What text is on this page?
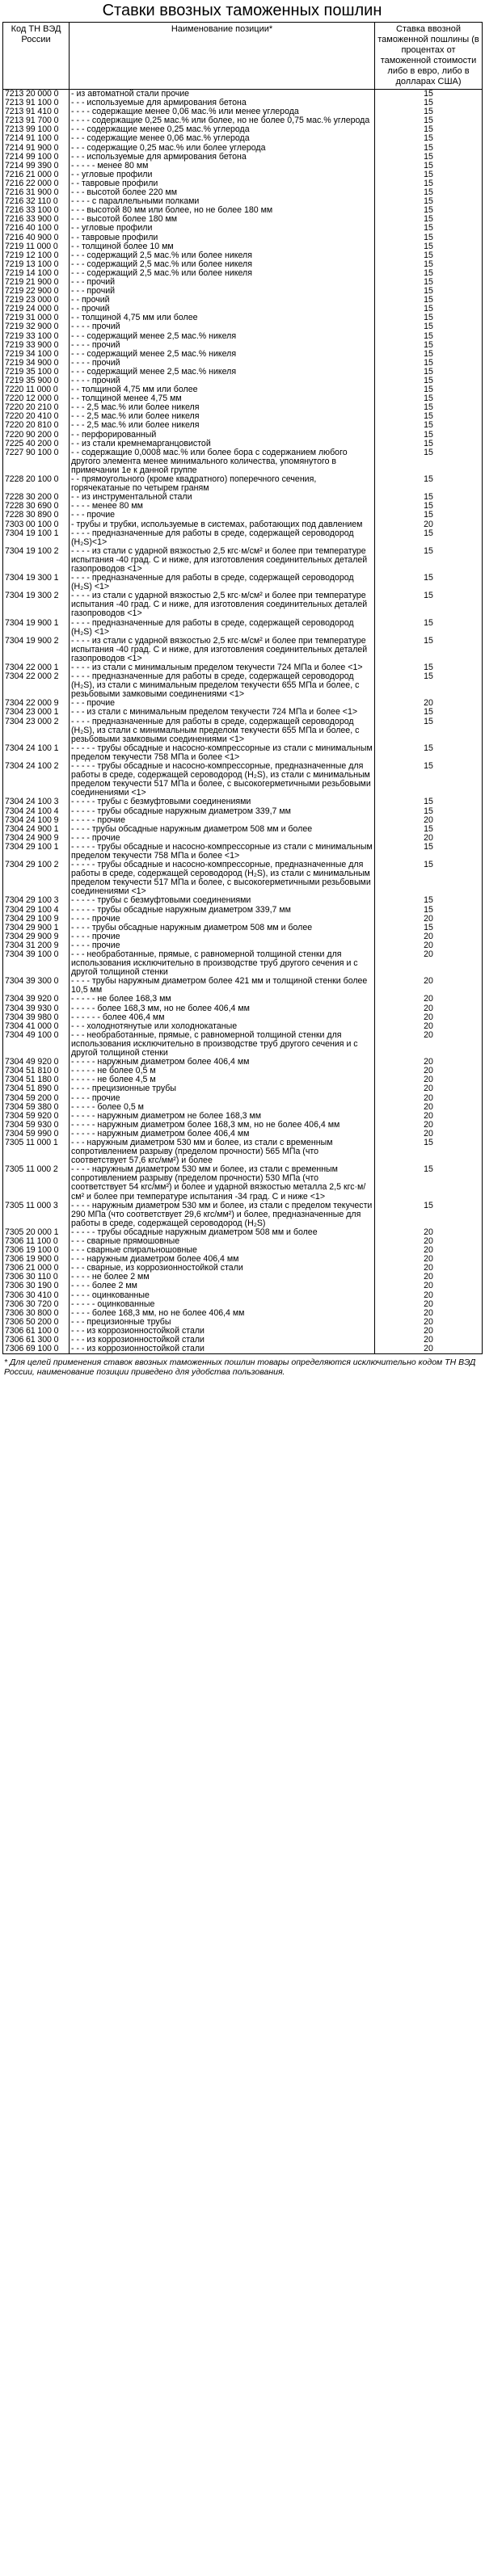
Ставки ввозных таможенных пошлин
Код ТН ВЭД России	Наименование позиции*	Ставка ввозной таможенной пошлины (в процентах от таможенной стоимости либо в евро, либо в долларах США)
7213 20 000 0	- из автоматной стали прочие	15
7213 91 100 0	- - - используемые для армирования бетона	15
7213 91 410 0	- - - - содержащие менее 0,06 мас.% или менее углерода	15
7213 91 700 0	- - - - содержащие 0,25 мас.% или более, но не более 0,75 мас.% углерода	15
7213 99 100 0	- - - содержащие менее 0,25 мас.% углерода	15
7214 91 100 0	- - - содержащие менее 0,06 мас.% углерода	15
7214 91 900 0	- - - содержащие 0,25 мас.% или более углерода	15
7214 99 100 0	- - - используемые для армирования бетона	15
7214 99 390 0	- - - - - менее 80 мм	15
7216 21 000 0	- - угловые профили	15
7216 22 000 0	- - тавровые профили	15
7216 31 900 0	- - - высотой более 220 мм	15
7216 32 110 0	- - - - с параллельными полками	15
7216 33 100 0	- - - высотой 80 мм или более, но не более 180 мм	15
7216 33 900 0	- - - высотой более 180 мм	15
7216 40 100 0	- - угловые профили	15
7216 40 900 0	- - тавровые профили	15
7219 11 000 0	- - толщиной более 10 мм	15
7219 12 100 0	- - - содержащий 2,5 мас.% или более никеля	15
7219 13 100 0	- - - содержащий 2,5 мас.% или более никеля	15
7219 14 100 0	- - - содержащий 2,5 мас.% или более никеля	15
7219 21 900 0	- - - прочий	15
7219 22 900 0	- - - прочий	15
7219 23 000 0	- - прочий	15
7219 24 000 0	- - прочий	15
7219 31 000 0	- - толщиной 4,75 мм или более	15
7219 32 900 0	- - - - прочий	15
7219 33 100 0	- - - содержащий менее 2,5 мас.% никеля	15
7219 33 900 0	- - - - прочий	15
7219 34 100 0	- - - содержащий менее 2,5 мас.% никеля	15
7219 34 900 0	- - - - прочий	15
7219 35 100 0	- - - содержащий менее 2,5 мас.% никеля	15
7219 35 900 0	- - - - прочий	15
7220 11 000 0	- - толщиной 4,75 мм или более	15
7220 12 000 0	- - толщиной менее 4,75 мм	15
7220 20 210 0	- - - 2,5 мас.% или более никеля	15
7220 20 410 0	- - - 2,5 мас.% или более никеля	15
7220 20 810 0	- - - 2,5 мас.% или более никеля	15
7220 90 200 0	- - перфорированный	15
7225 40 200 0	- - из стали кремнемарганцовистой	15
7227 90 100 0	- - содержащие 0,0008 мас.% или более бора с содержанием любого другого элемента менее минимального количества, упомянутого в примечании 1е к данной группе	15
7228 20 100 0	- - прямоугольного (кроме квадратного) поперечного сечения, горячекатаные по четырем граням	15
7228 30 200 0	- - из инструментальной стали	15
7228 30 690 0	- - - - менее 80 мм	15
7228 30 890 0	- - - прочие	15
7303 00 100 0	- трубы и трубки, используемые в системах, работающих под давлением	20
7304 19 100 1	- - - - предназначенные для работы в среде, содержащей сероводород (H₂S)<1>	15
7304 19 100 2	- - - - из стали с ударной вязкостью 2,5 кгс·м/см² и более при температуре испытания -40 град. С и ниже, для изготовления соединительных деталей газопроводов <1>	15
7304 19 300 1	- - - - предназначенные для работы в среде, содержащей сероводород (H₂S) <1>	15
7304 19 300 2	- - - - из стали с ударной вязкостью 2,5 кгс·м/см² и более при температуре испытания -40 град. С и ниже, для изготовления соединительных деталей газопроводов <1>	15
7304 19 900 1	- - - - предназначенные для работы в среде, содержащей сероводород (H₂S) <1>	15
7304 19 900 2	- - - - из стали с ударной вязкостью 2,5 кгс·м/см² и более при температуре испытания -40 град. С и ниже, для изготовления соединительных деталей газопроводов <1>	15
7304 22 000 1	- - - - из стали с минимальным пределом текучести 724 МПа и более <1>	15
7304 22 000 2	- - - - предназначенные для работы в среде, содержащей сероводород (H₂S), из стали с минимальным пределом текучести 655 МПа и более, с резьбовыми замковыми соединениями <1>	15
7304 22 000 9	- - - прочие	20
7304 23 000 1	- - - из стали с минимальным пределом текучести 724 МПа и более <1>	15
7304 23 000 2	- - - - предназначенные для работы в среде, содержащей сероводород (H₂S), из стали с минимальным пределом текучести 655 МПа и более, с резьбовыми замковыми соединениями <1>	15
7304 24 100 1	- - - - - трубы обсадные и насосно-компрессорные из стали с минимальным пределом текучести 758 МПа и более <1>	15
7304 24 100 2	- - - - - трубы обсадные и насосно-компрессорные, предназначенные для работы в среде, содержащей сероводород (H₂S), из стали с минимальным пределом текучести 517 МПа и более, с высокогерметичными резьбовыми соединениями <1>	15
7304 24 100 3	- - - - - трубы с безмуфтовыми соединениями	15
7304 24 100 4	- - - - - трубы обсадные наружным диаметром 339,7 мм	15
7304 24 100 9	- - - - - прочие	20
7304 24 900 1	- - - - трубы обсадные наружным диаметром 508 мм и более	15
7304 24 900 9	- - - - прочие	20
7304 29 100 1	- - - - - трубы обсадные и насосно-компрессорные из стали с минимальным пределом текучести 758 МПа и более <1>	15
7304 29 100 2	- - - - - трубы обсадные и насосно-компрессорные, предназначенные для работы в среде, содержащей сероводород (H₂S), из стали с минимальным пределом текучести 517 МПа и более, с высокогерметичными резьбовыми соединениями <1>	15
7304 29 100 3	- - - - - трубы с безмуфтовыми соединениями	15
7304 29 100 4	- - - - - трубы обсадные наружным диаметром 339,7 мм	15
7304 29 100 9	- - - - прочие	20
7304 29 900 1	- - - - трубы обсадные наружным диаметром 508 мм и более	15
7304 29 900 9	- - - - прочие	20
7304 31 200 9	- - - - прочие	20
7304 39 100 0	- - - необработанные, прямые, с равномерной толщиной стенки для использования исключительно в производстве труб другого сечения и с другой толщиной стенки	20
7304 39 300 0	- - - - трубы наружным диаметром более 421 мм и толщиной стенки более 10,5 мм	20
7304 39 920 0	- - - - - не более 168,3 мм	20
7304 39 930 0	- - - - - более 168,3 мм, но не более 406,4 мм	20
7304 39 980 0	- - - - - - более 406,4 мм	20
7304 41 000 0	- - - холоднотянутые или холоднокатаные	20
7304 49 100 0	- - - необработанные, прямые, с равномерной толщиной стенки для использования исключительно в производстве труб другого сечения и с другой толщиной стенки	20
7304 49 920 0	- - - - - наружным диаметром более 406,4 мм	20
7304 51 810 0	- - - - - не более 0,5 м	20
7304 51 180 0	- - - - - не более 4,5 м	20
7304 51 890 0	- - - - прецизионные трубы	20
7304 59 200 0	- - - - прочие	20
7304 59 380 0	- - - - - более 0,5 м	20
7304 59 920 0	- - - - - наружным диаметром не более 168,3 мм	20
7304 59 930 0	- - - - - наружным диаметром более 168,3 мм, но не более 406,4 мм	20
7304 59 990 0	- - - - - наружным диаметром более 406,4 мм	20
7305 11 000 1	- - - наружным диаметром 530 мм и более, из стали с временным сопротивлением разрыву (пределом прочности) 565 МПа (что соответствует 57,6 кгс/мм²) и более	15
7305 11 000 2	- - - - наружным диаметром 530 мм и более, из стали с временным сопротивлением разрыву (пределом прочности) 530 МПа (что соответствует 54 кгс/мм²) и более и ударной вязкостью металла 2,5 кгс·м/см² и более при температуре испытания -34 град. С и ниже <1>	15
7305 11 000 3	- - - - наружным диаметром 530 мм и более, из стали с пределом текучести 290 МПа (что соответствует 29,6 кгс/мм²) и более, предназначенные для работы в среде, содержащей сероводород (H₂S)	15
7305 20 000 1	- - - - - трубы обсадные наружным диаметром 508 мм и более	20
7306 11 100 0	- - - сварные прямошовные	20
7306 19 100 0	- - - сварные спиральношовные	20
7306 19 900 0	- - - наружным диаметром более 406,4 мм	20
7306 21 000 0	- - - сварные, из коррозионностойкой стали	20
7306 30 110 0	- - - - не более 2 мм	20
7306 30 190 0	- - - - более 2 мм	20
7306 30 410 0	- - - - оцинкованные	20
7306 30 720 0	- - - - - оцинкованные	20
7306 30 800 0	- - - - более 168,3 мм, но не более 406,4 мм	20
7306 50 200 0	- - - прецизионные трубы	20
7306 61 100 0	- - - из коррозионностойкой стали	20
7306 61 300 0	- - - из коррозионностойкой стали	20
7306 69 100 0	- - - из коррозионностойкой стали	20
* Для целей применения ставок ввозных таможенных пошлин товары определяются исключительно кодом ТН ВЭД России, наименование позиции приведено для удобства пользования.
